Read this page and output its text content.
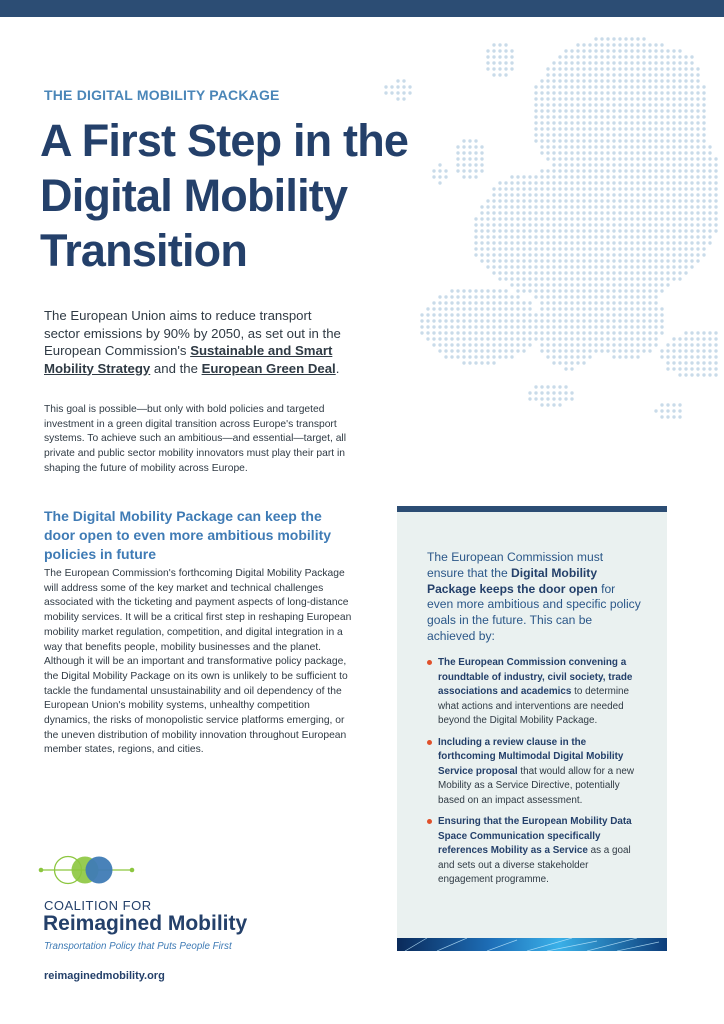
THE DIGITAL MOBILITY PACKAGE

A First Step in the Digital Mobility Transition

The European Union aims to reduce transport sector emissions by 90% by 2050, as set out in the European Commission's Sustainable and Smart Mobility Strategy and the European Green Deal.

This goal is possible—but only with bold policies and targeted investment in a green digital transition across Europe's transport systems. To achieve such an ambitious—and essential—target, all private and public sector mobility innovators must play their part in shaping the future of mobility across Europe.

The Digital Mobility Package can keep the door open to even more ambitious mobility policies in future

The European Commission's forthcoming Digital Mobility Package will address some of the key market and technical challenges associated with the ticketing and payment aspects of long-distance mobility services. It will be a critical first step in reshaping European mobility market regulation, competition, and digital integration in a way that benefits people, mobility businesses and the planet. Although it will be an important and transformative policy package, the Digital Mobility Package on its own is unlikely to be sufficient to tackle the fundamental unsustainability and oil dependency of the European Union's mobility systems, unhealthy competition dynamics, the risks of monopolistic service platforms emerging, or the uneven distribution of mobility innovation throughout European member states, regions, and cities.

The European Commission must ensure that the Digital Mobility Package keeps the door open for even more ambitious and specific policy goals in the future. This can be achieved by:

The European Commission convening a roundtable of industry, civil society, trade associations and academics to determine what actions and interventions are needed beyond the Digital Mobility Package.
Including a review clause in the forthcoming Multimodal Digital Mobility Service proposal that would allow for a new Mobility as a Service Directive, potentially based on an impact assessment.
Ensuring that the European Mobility Data Space Communication specifically references Mobility as a Service as a goal and sets out a diverse stakeholder engagement programme.

COALITION FOR

Reimagined Mobility

Transportation Policy that Puts People First

reimaginedmobility.org
